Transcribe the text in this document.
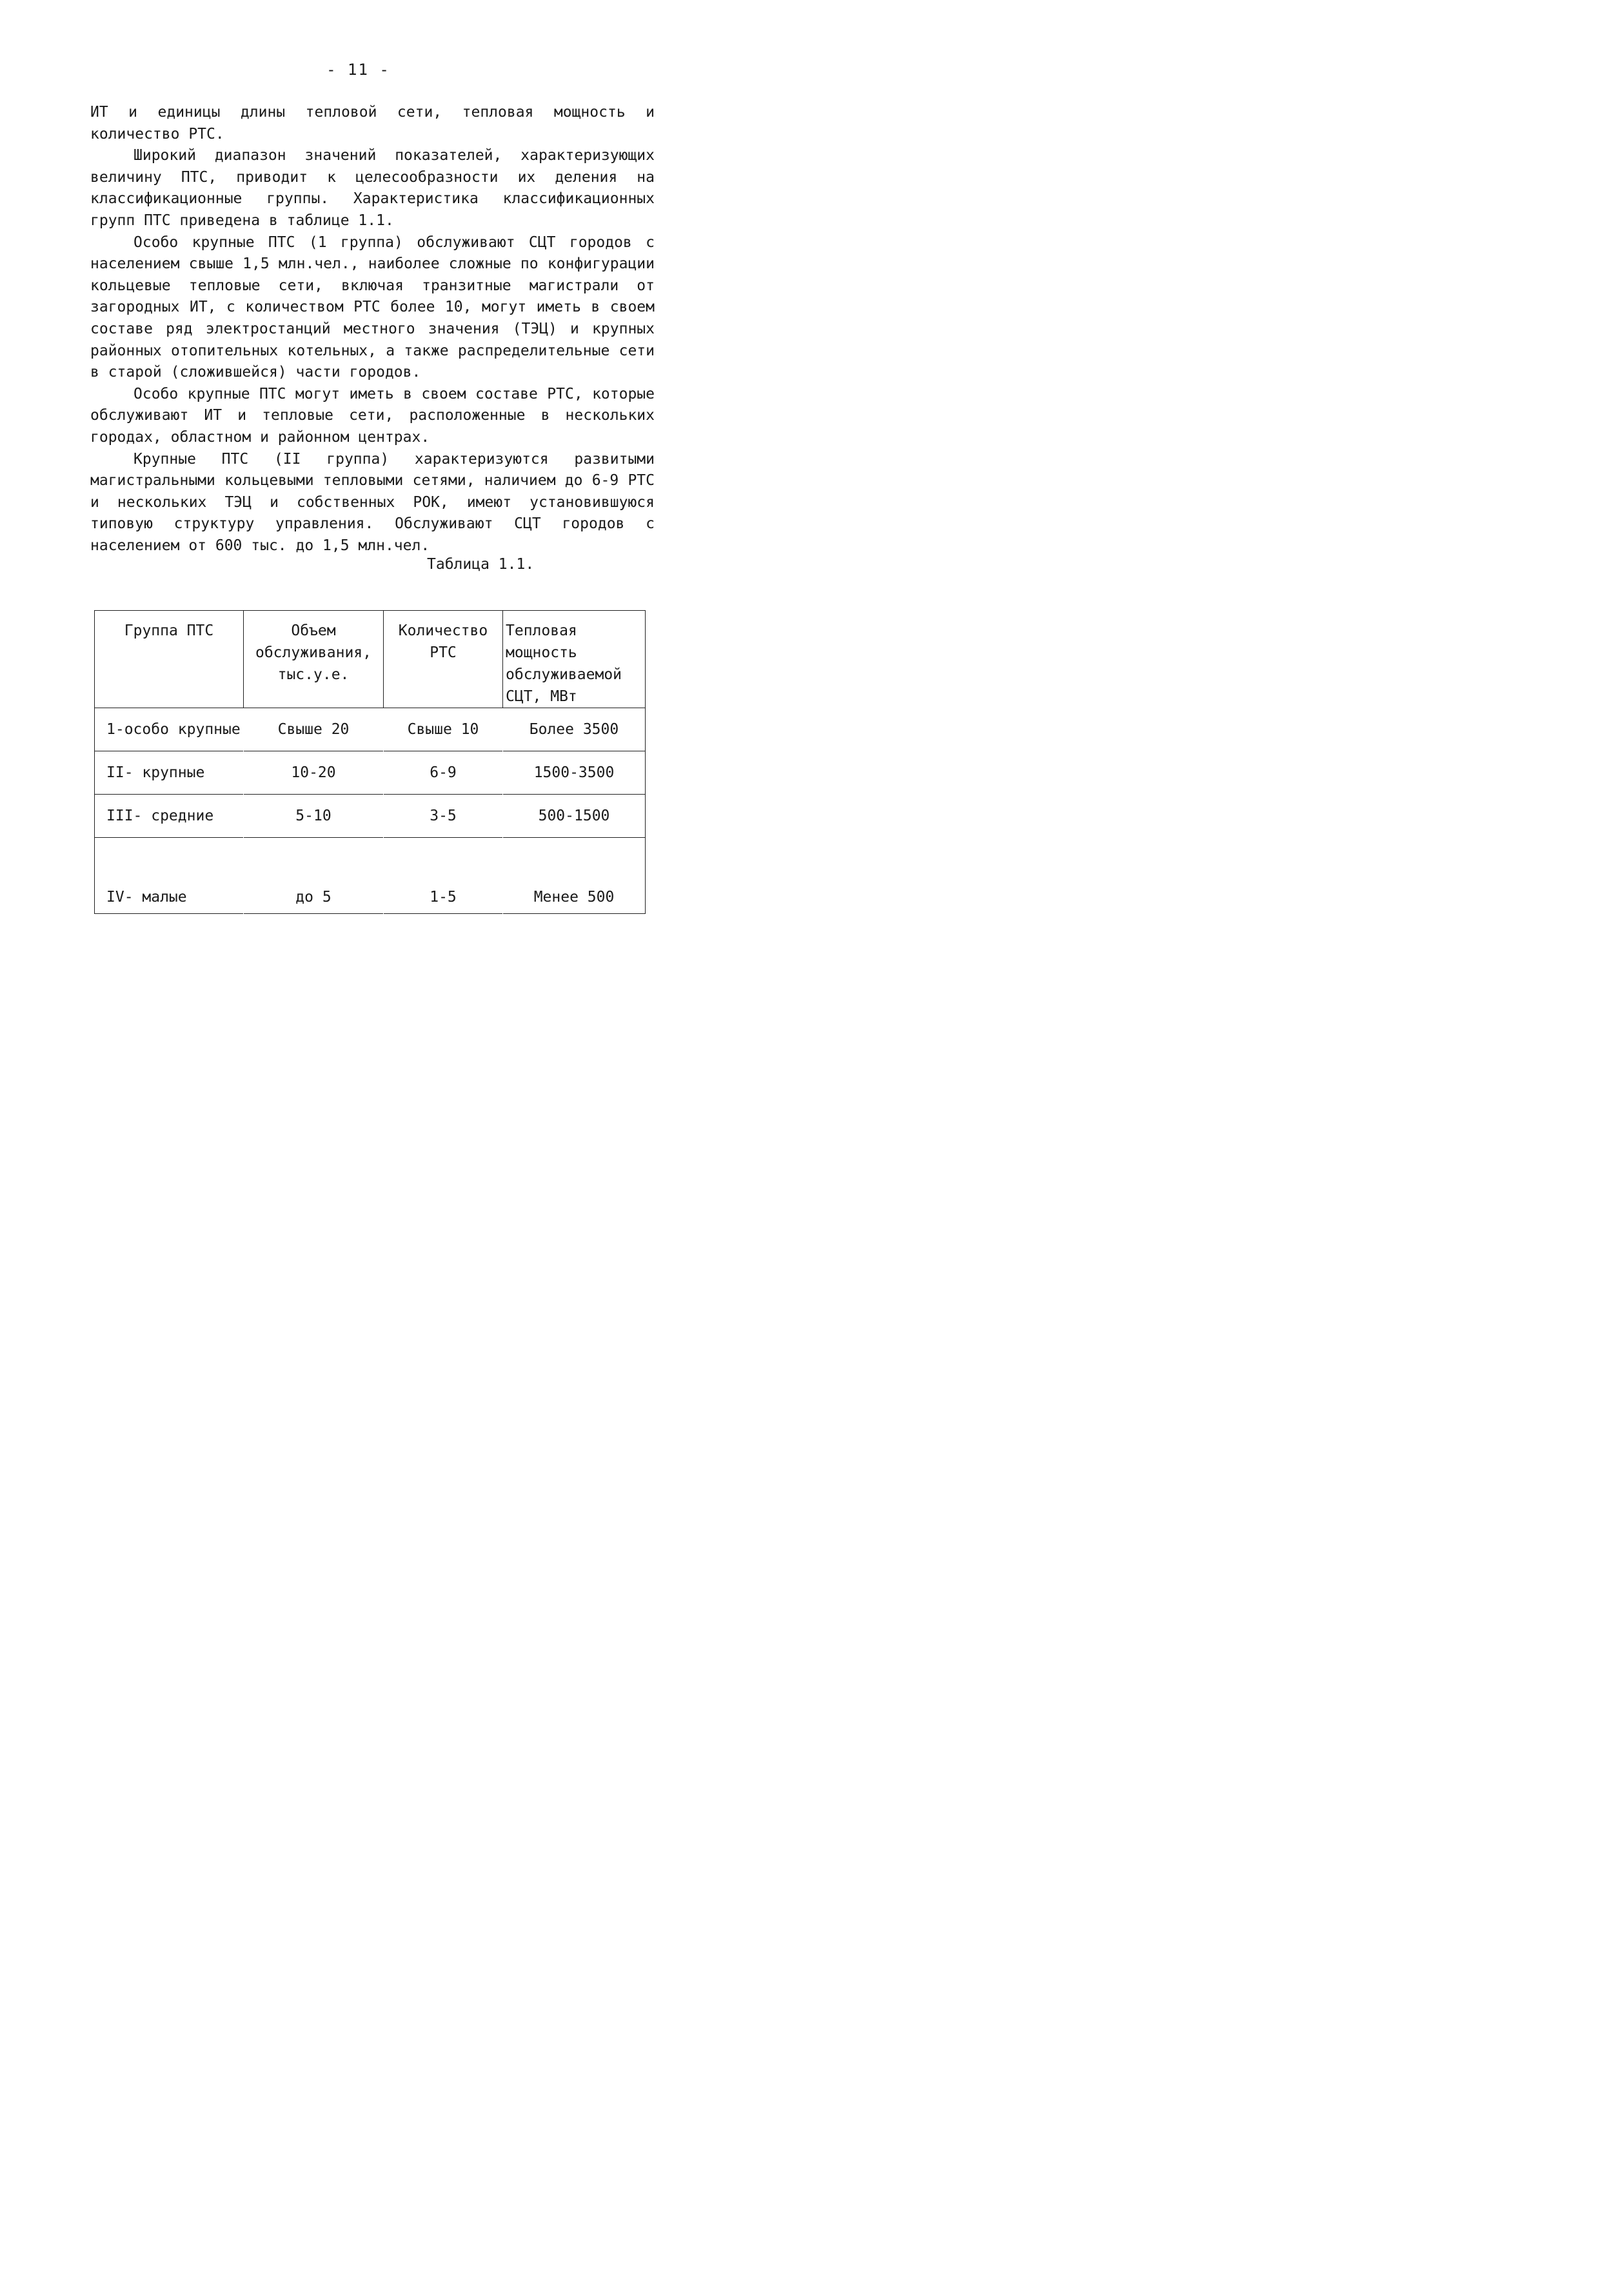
- 11 -

ИТ и единицы длины тепловой сети, тепловая мощность и количество РТС.

Широкий диапазон значений показателей, характеризующих величину ПТС, приводит к целесообразности их деления на классификационные группы. Характеристика классификационных групп ПТС приведена в таблице 1.1.

Особо крупные ПТС (1 группа) обслуживают СЦТ городов с населением свыше 1,5 млн.чел., наиболее сложные по конфигурации кольцевые тепловые сети, включая транзитные магистрали от загородных ИТ, с количеством РТС более 10, могут иметь в своем составе ряд электростанций местного значения (ТЭЦ) и крупных районных отопительных котельных, а также распределительные сети в старой (сложившейся) части городов.

Особо крупные ПТС могут иметь в своем составе РТС, которые обслуживают ИТ и тепловые сети, расположенные в нескольких городах, областном и районном центрах.

Крупные ПТС (II группа) характеризуются развитыми магистральными кольцевыми тепловыми сетями, наличием до 6-9 РТС и нескольких ТЭЦ и собственных РОК, имеют установившуюся типовую структуру управления. Обслуживают СЦТ городов с населением от 600 тыс. до 1,5 млн.чел.

Таблица 1.1.
Группа ПТС	Объем обслуживания, тыс.у.е.	Количество РТС	Тепловая мощность обслуживаемой СЦТ, МВт
1-особо крупные	Свыше 20	Свыше 10	Более 3500
II- крупные	10-20	6-9	1500-3500
III- средние	5-10	3-5	500-1500
IV- малые	до 5	1-5	Менее 500
